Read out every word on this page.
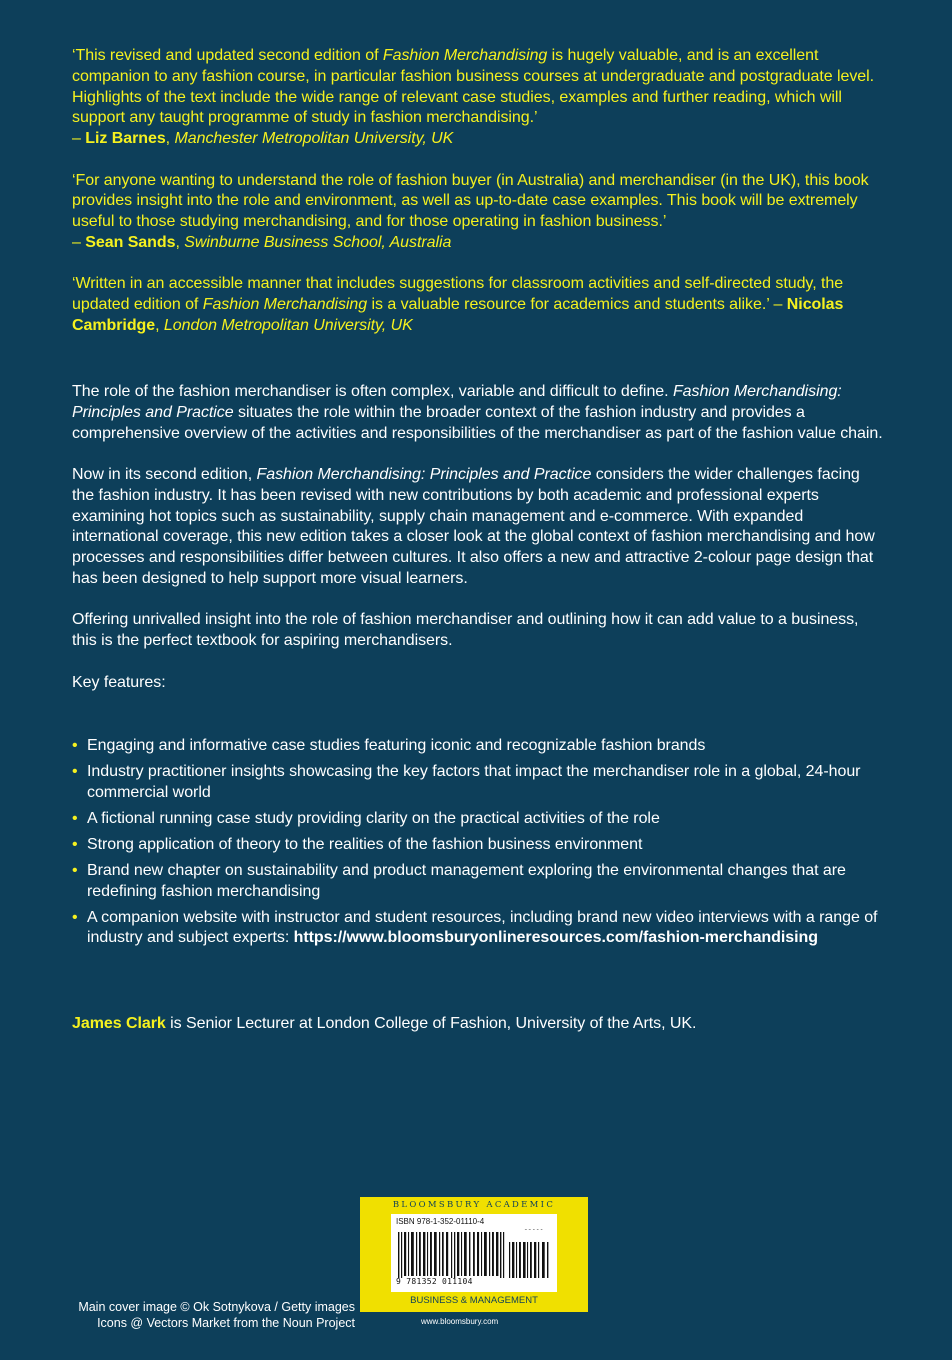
‘This revised and updated second edition of Fashion Merchandising is hugely valuable, and is an excellent companion to any fashion course, in particular fashion business courses at undergraduate and postgraduate level. Highlights of the text include the wide range of relevant case studies, examples and further reading, which will support any taught programme of study in fashion merchandising.’
– Liz Barnes, Manchester Metropolitan University, UK

‘For anyone wanting to understand the role of fashion buyer (in Australia) and merchandiser (in the UK), this book provides insight into the role and environment, as well as up-to-date case examples. This book will be extremely useful to those studying merchandising, and for those operating in fashion business.’
– Sean Sands, Swinburne Business School, Australia

‘Written in an accessible manner that includes suggestions for classroom activities and self-directed study, the updated edition of Fashion Merchandising is a valuable resource for academics and students alike.’ – Nicolas Cambridge, London Metropolitan University, UK

The role of the fashion merchandiser is often complex, variable and difficult to define. Fashion Merchandising: Principles and Practice situates the role within the broader context of the fashion industry and provides a comprehensive overview of the activities and responsibilities of the merchandiser as part of the fashion value chain.

Now in its second edition, Fashion Merchandising: Principles and Practice considers the wider challenges facing the fashion industry. It has been revised with new contributions by both academic and professional experts examining hot topics such as sustainability, supply chain management and e-commerce. With expanded international coverage, this new edition takes a closer look at the global context of fashion merchandising and how processes and responsibilities differ between cultures. It also offers a new and attractive 2-colour page design that has been designed to help support more visual learners.

Offering unrivalled insight into the role of fashion merchandiser and outlining how it can add value to a business, this is the perfect textbook for aspiring merchandisers.

Key features:

• Engaging and informative case studies featuring iconic and recognizable fashion brands
• Industry practitioner insights showcasing the key factors that impact the merchandiser role in a global, 24-hour commercial world
• A fictional running case study providing clarity on the practical activities of the role
• Strong application of theory to the realities of the fashion business environment
• Brand new chapter on sustainability and product management exploring the environmental changes that are redefining fashion merchandising
• A companion website with instructor and student resources, including brand new video interviews with a range of industry and subject experts: https://www.bloomsburyonlineresources.com/fashion-merchandising

James Clark is Senior Lecturer at London College of Fashion, University of the Arts, UK.

Main cover image © Ok Sotnykova / Getty images
Icons @ Vectors Market from the Noun Project
BLOOMSBURY ACADEMIC
ISBN 978-1-352-01110-4
9 781352 011104
BUSINESS & MANAGEMENT
www.bloomsbury.com
